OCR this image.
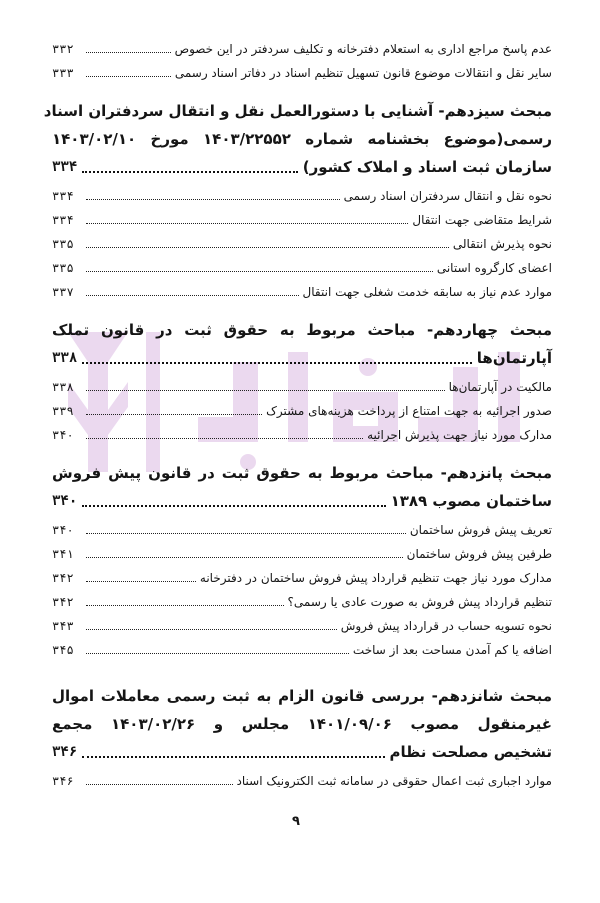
عدم پاسخ مراجع اداری به استعلام دفترخانه و تکلیف سردفتر در این خصوص
۳۳۲
سایر نقل و انتقالات موضوع قانون تسهیل تنظیم اسناد در دفاتر اسناد رسمی
۳۳۳
مبحث سیزدهم- آشنایی با دستورالعمل نقل و انتقال سردفتران اسناد
رسمی(موضوع بخشنامه شماره ۱۴۰۳/۲۲۵۵۲ مورخ ۱۴۰۳/۰۲/۱۰
سازمان ثبت اسناد و املاک کشور)
۳۳۴
نحوه نقل و انتقال سردفتران اسناد رسمی
۳۳۴
شرایط متقاضی جهت انتقال
۳۳۴
نحوه پذیرش انتقالی
۳۳۵
اعضای کارگروه استانی
۳۳۵
موارد عدم نیاز به سابقه خدمت شغلی جهت انتقال
۳۳۷
مبحث چهاردهم- مباحث مربوط به حقوق ثبت در قانون تملک
آپارتمان‌ها
۳۳۸
مالکیت در آپارتمان‌ها
۳۳۸
صدور اجرائیه به جهت امتناع از پرداخت هزینه‌های مشترک
۳۳۹
مدارک مورد نیاز جهت پذیرش اجرائیه
۳۴۰
مبحث پانزدهم- مباحث مربوط به حقوق ثبت در قانون پیش فروش
ساختمان مصوب ۱۳۸۹
۳۴۰
تعریف پیش فروش ساختمان
۳۴۰
طرفین پیش فروش ساختمان
۳۴۱
مدارک مورد نیاز جهت تنظیم قرارداد پیش فروش ساختمان در دفترخانه
۳۴۲
تنظیم قرارداد پیش فروش به صورت عادی یا رسمی؟
۳۴۲
نحوه تسویه حساب در قرارداد پیش فروش
۳۴۳
اضافه یا کم آمدن مساحت بعد از ساخت
۳۴۵
مبحث شانزدهم- بررسی قانون الزام به ثبت رسمی معاملات اموال
غیرمنقول مصوب ۱۴۰۱/۰۹/۰۶ مجلس و ۱۴۰۳/۰۲/۲۶ مجمع
تشخیص مصلحت نظام
۳۴۶
موارد اجباری ثبت اعمال حقوقی در سامانه ثبت الکترونیک اسناد
۳۴۶
۹
